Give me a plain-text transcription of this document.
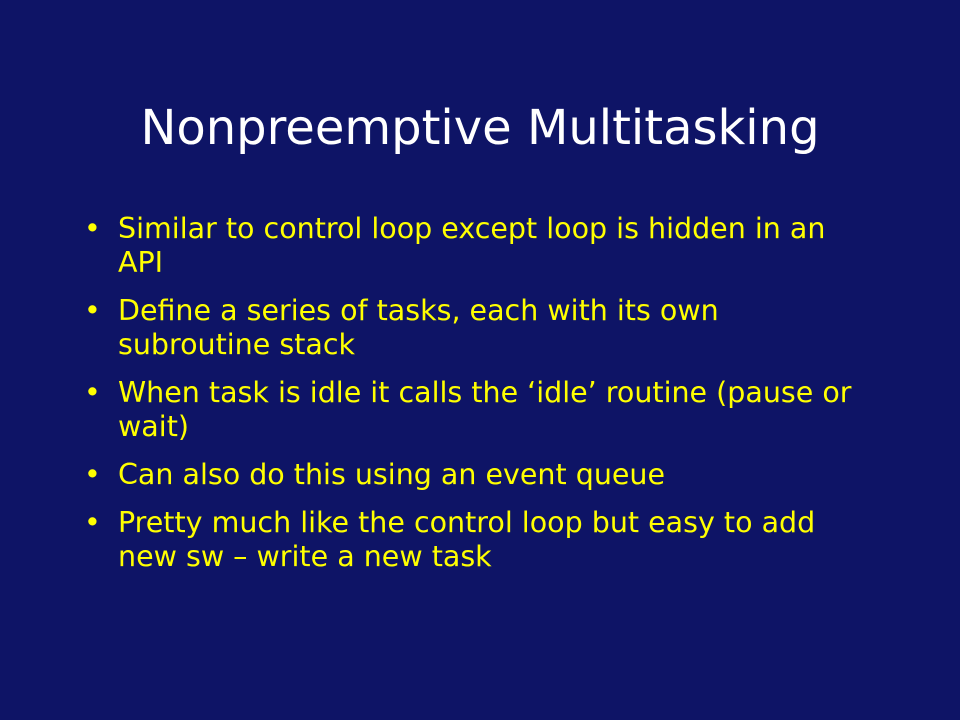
Nonpreemptive Multitasking
• Similar to control loop except loop is hidden in an API
• Define a series of tasks, each with its own subroutine stack
• When task is idle it calls the ‘idle’ routine (pause or wait)
• Can also do this using an event queue
• Pretty much like the control loop but easy to add new sw – write a new task
